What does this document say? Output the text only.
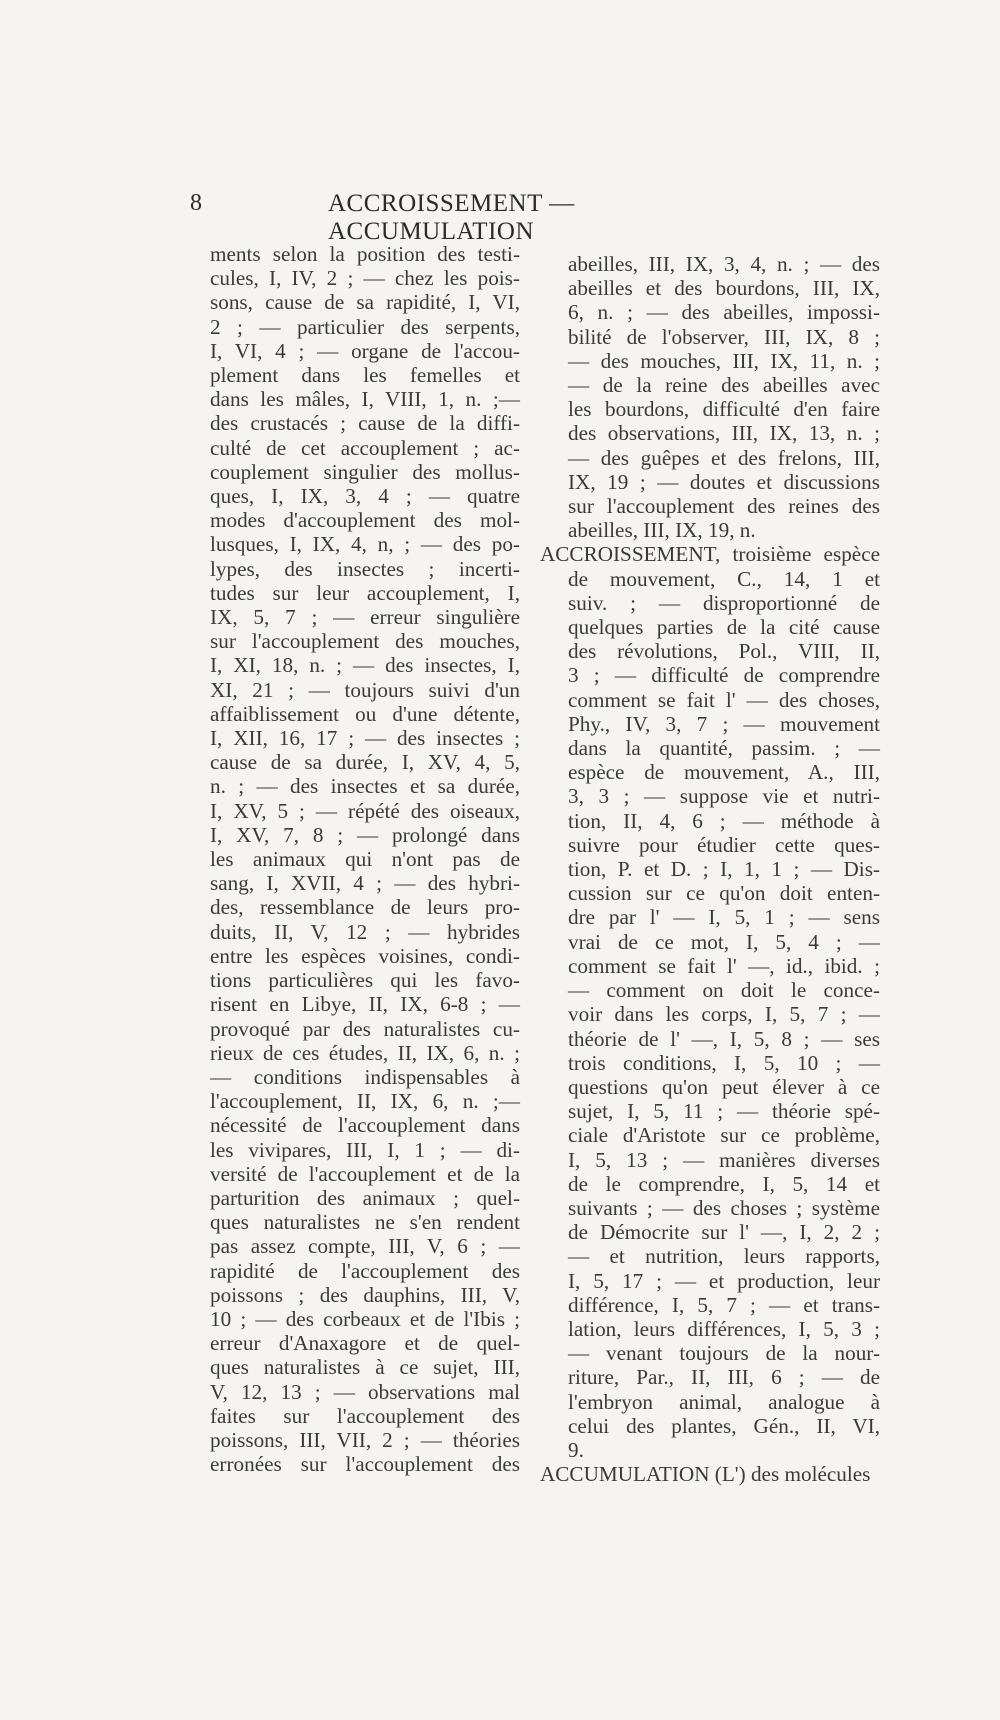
8	ACCROISSEMENT — ACCUMULATION
ments selon la position des testi-
cules, I, IV, 2 ; — chez les pois-
sons, cause de sa rapidité, I, VI,
2 ; — particulier des serpents,
I, VI, 4 ; — organe de l'accou-
plement dans les femelles et
dans les mâles, I, VIII, 1, n. ;—
des crustacés ; cause de la diffi-
culté de cet accouplement ; ac-
couplement singulier des mollus-
ques, I, IX, 3, 4 ; — quatre
modes d'accouplement des mol-
lusques, I, IX, 4, n, ; — des po-
lypes, des insectes ; incerti-
tudes sur leur accouplement, I,
IX, 5, 7 ; — erreur singulière
sur l'accouplement des mouches,
I, XI, 18, n. ; — des insectes, I,
XI, 21 ; — toujours suivi d'un
affaiblissement ou d'une détente,
I, XII, 16, 17 ; — des insectes ;
cause de sa durée, I, XV, 4, 5,
n. ; — des insectes et sa durée,
I, XV, 5 ; — répété des oiseaux,
I, XV, 7, 8 ; — prolongé dans
les animaux qui n'ont pas de
sang, I, XVII, 4 ; — des hybri-
des, ressemblance de leurs pro-
duits, II, V, 12 ; — hybrides
entre les espèces voisines, condi-
tions particulières qui les favo-
risent en Libye, II, IX, 6-8 ; —
provoqué par des naturalistes cu-
rieux de ces études, II, IX, 6, n. ;
— conditions indispensables à
l'accouplement, II, IX, 6, n. ;—
nécessité de l'accouplement dans
les vivipares, III, I, 1 ; — di-
versité de l'accouplement et de la
parturition des animaux ; quel-
ques naturalistes ne s'en rendent
pas assez compte, III, V, 6 ; —
rapidité de l'accouplement des
poissons ; des dauphins, III, V,
10 ; — des corbeaux et de l'Ibis ;
erreur d'Anaxagore et de quel-
ques naturalistes à ce sujet, III,
V, 12, 13 ; — observations mal
faites sur l'accouplement des
poissons, III, VII, 2 ; — théories
erronées sur l'accouplement des
abeilles, III, IX, 3, 4, n. ; — des
abeilles et des bourdons, III, IX,
6, n. ; — des abeilles, impossi-
bilité de l'observer, III, IX, 8 ;
— des mouches, III, IX, 11, n. ;
— de la reine des abeilles avec
les bourdons, difficulté d'en faire
des observations, III, IX, 13, n. ;
— des guêpes et des frelons, III,
IX, 19 ; — doutes et discussions
sur l'accouplement des reines des
abeilles, III, IX, 19, n.
ACCROISSEMENT, troisième espèce
de mouvement, C., 14, 1 et
suiv. ; — disproportionné de
quelques parties de la cité cause
des révolutions, Pol., VIII, II,
3 ; — difficulté de comprendre
comment se fait l' — des choses,
Phy., IV, 3, 7 ; — mouvement
dans la quantité, passim. ; —
espèce de mouvement, A., III,
3, 3 ; — suppose vie et nutri-
tion, II, 4, 6 ; — méthode à
suivre pour étudier cette ques-
tion, P. et D. ; I, 1, 1 ; — Dis-
cussion sur ce qu'on doit enten-
dre par l' — I, 5, 1 ; — sens
vrai de ce mot, I, 5, 4 ; —
comment se fait l' —, id., ibid. ;
— comment on doit le conce-
voir dans les corps, I, 5, 7 ; —
théorie de l' —, I, 5, 8 ; — ses
trois conditions, I, 5, 10 ; —
questions qu'on peut élever à ce
sujet, I, 5, 11 ; — théorie spé-
ciale d'Aristote sur ce problème,
I, 5, 13 ; — manières diverses
de le comprendre, I, 5, 14 et
suivants ; — des choses ; système
de Démocrite sur l' —, I, 2, 2 ;
— et nutrition, leurs rapports,
I, 5, 17 ; — et production, leur
différence, I, 5, 7 ; — et trans-
lation, leurs différences, I, 5, 3 ;
— venant toujours de la nour-
riture, Par., II, III, 6 ; — de
l'embryon animal, analogue à
celui des plantes, Gén., II, VI,
9.
ACCUMULATION (L') des molécules
